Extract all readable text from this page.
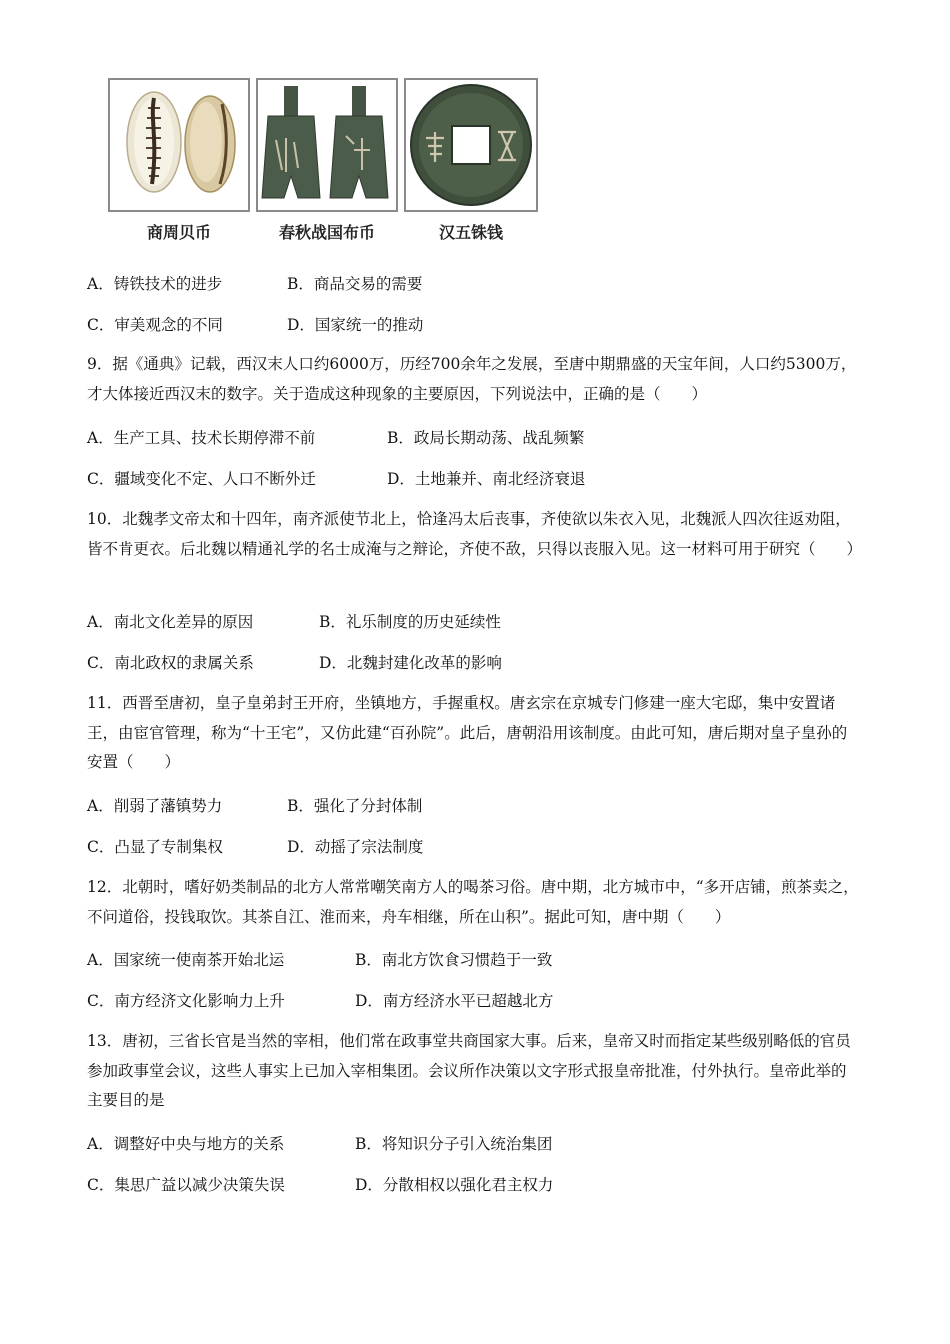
商周贝币	春秋战国布币	汉五铢钱
A．铸铁技术的进步	B．商品交易的需要
C．审美观念的不同	D．国家统一的推动
9．据《通典》记载，西汉末人口约6000万，历经700余年之发展，至唐中期鼎盛的天宝年间，人口约5300万，才大体接近西汉末的数字。关于造成这种现象的主要原因，下列说法中，正确的是（　　）
A．生产工具、技术长期停滞不前	B．政局长期动荡、战乱频繁
C．疆域变化不定、人口不断外迁	D．土地兼并、南北经济衰退
10．北魏孝文帝太和十四年，南齐派使节北上，恰逢冯太后丧事，齐使欲以朱衣入见，北魏派人四次往返劝阻，皆不肯更衣。后北魏以精通礼学的名士成淹与之辩论，齐使不敌，只得以丧服入见。这一材料可用于研究（　　）
A．南北文化差异的原因	B．礼乐制度的历史延续性
C．南北政权的隶属关系	D．北魏封建化改革的影响
11．西晋至唐初，皇子皇弟封王开府，坐镇地方，手握重权。唐玄宗在京城专门修建一座大宅邸，集中安置诸王，由宦官管理，称为“十王宅”，又仿此建“百孙院”。此后，唐朝沿用该制度。由此可知，唐后期对皇子皇孙的安置（　　）
A．削弱了藩镇势力	B．强化了分封体制
C．凸显了专制集权	D．动摇了宗法制度
12．北朝时，嗜好奶类制品的北方人常常嘲笑南方人的喝茶习俗。唐中期，北方城市中，“多开店铺，煎茶卖之，不问道俗，投钱取饮。其茶自江、淮而来，舟车相继，所在山积”。据此可知，唐中期（　　）
A．国家统一使南茶开始北运	B．南北方饮食习惯趋于一致
C．南方经济文化影响力上升	D．南方经济水平已超越北方
13．唐初，三省长官是当然的宰相，他们常在政事堂共商国家大事。后来，皇帝又时而指定某些级别略低的官员参加政事堂会议，这些人事实上已加入宰相集团。会议所作决策以文字形式报皇帝批准，付外执行。皇帝此举的主要目的是
A．调整好中央与地方的关系	B．将知识分子引入统治集团
C．集思广益以减少决策失误	D．分散相权以强化君主权力
